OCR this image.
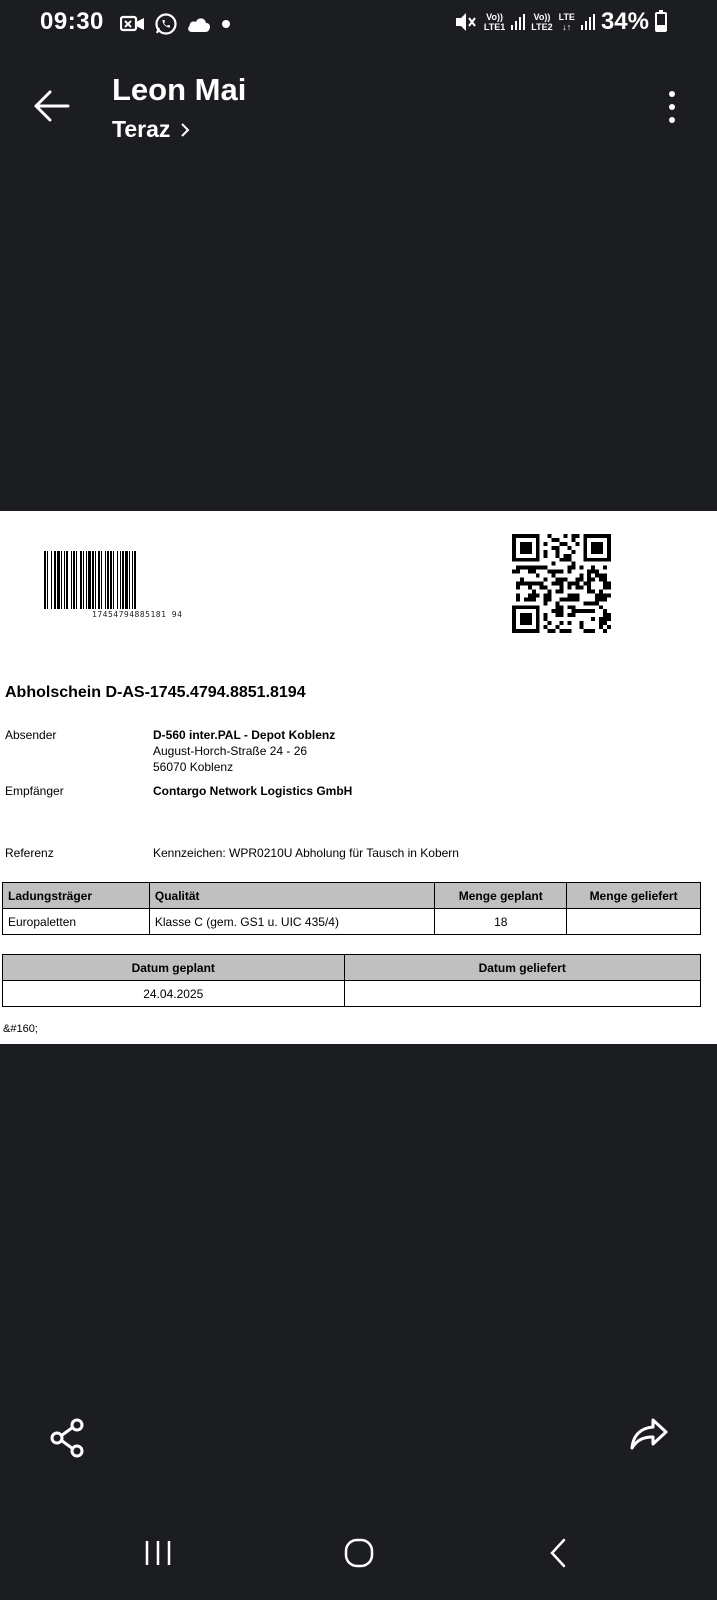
09:30	Vo))
LTE1
Vo))
LTE2
LTE
↓↑ 34%
Leon Mai
Teraz
17454794885181 94
Abholschein D-AS-1745.4794.8851.8194
Absender	D-560 inter.PAL - Depot Koblenz
August-Horch-Straße 24 - 26
56070 Koblenz
Empfänger	Contargo Network Logistics GmbH
Referenz	Kennzeichen: WPR0210U Abholung für Tausch in Kobern
Ladungsträger	Qualität	Menge geplant	Menge geliefert
Europaletten	Klasse C (gem. GS1 u. UIC 435/4)	18	
Datum geplant	Datum geliefert
24.04.2025	
&#160;
